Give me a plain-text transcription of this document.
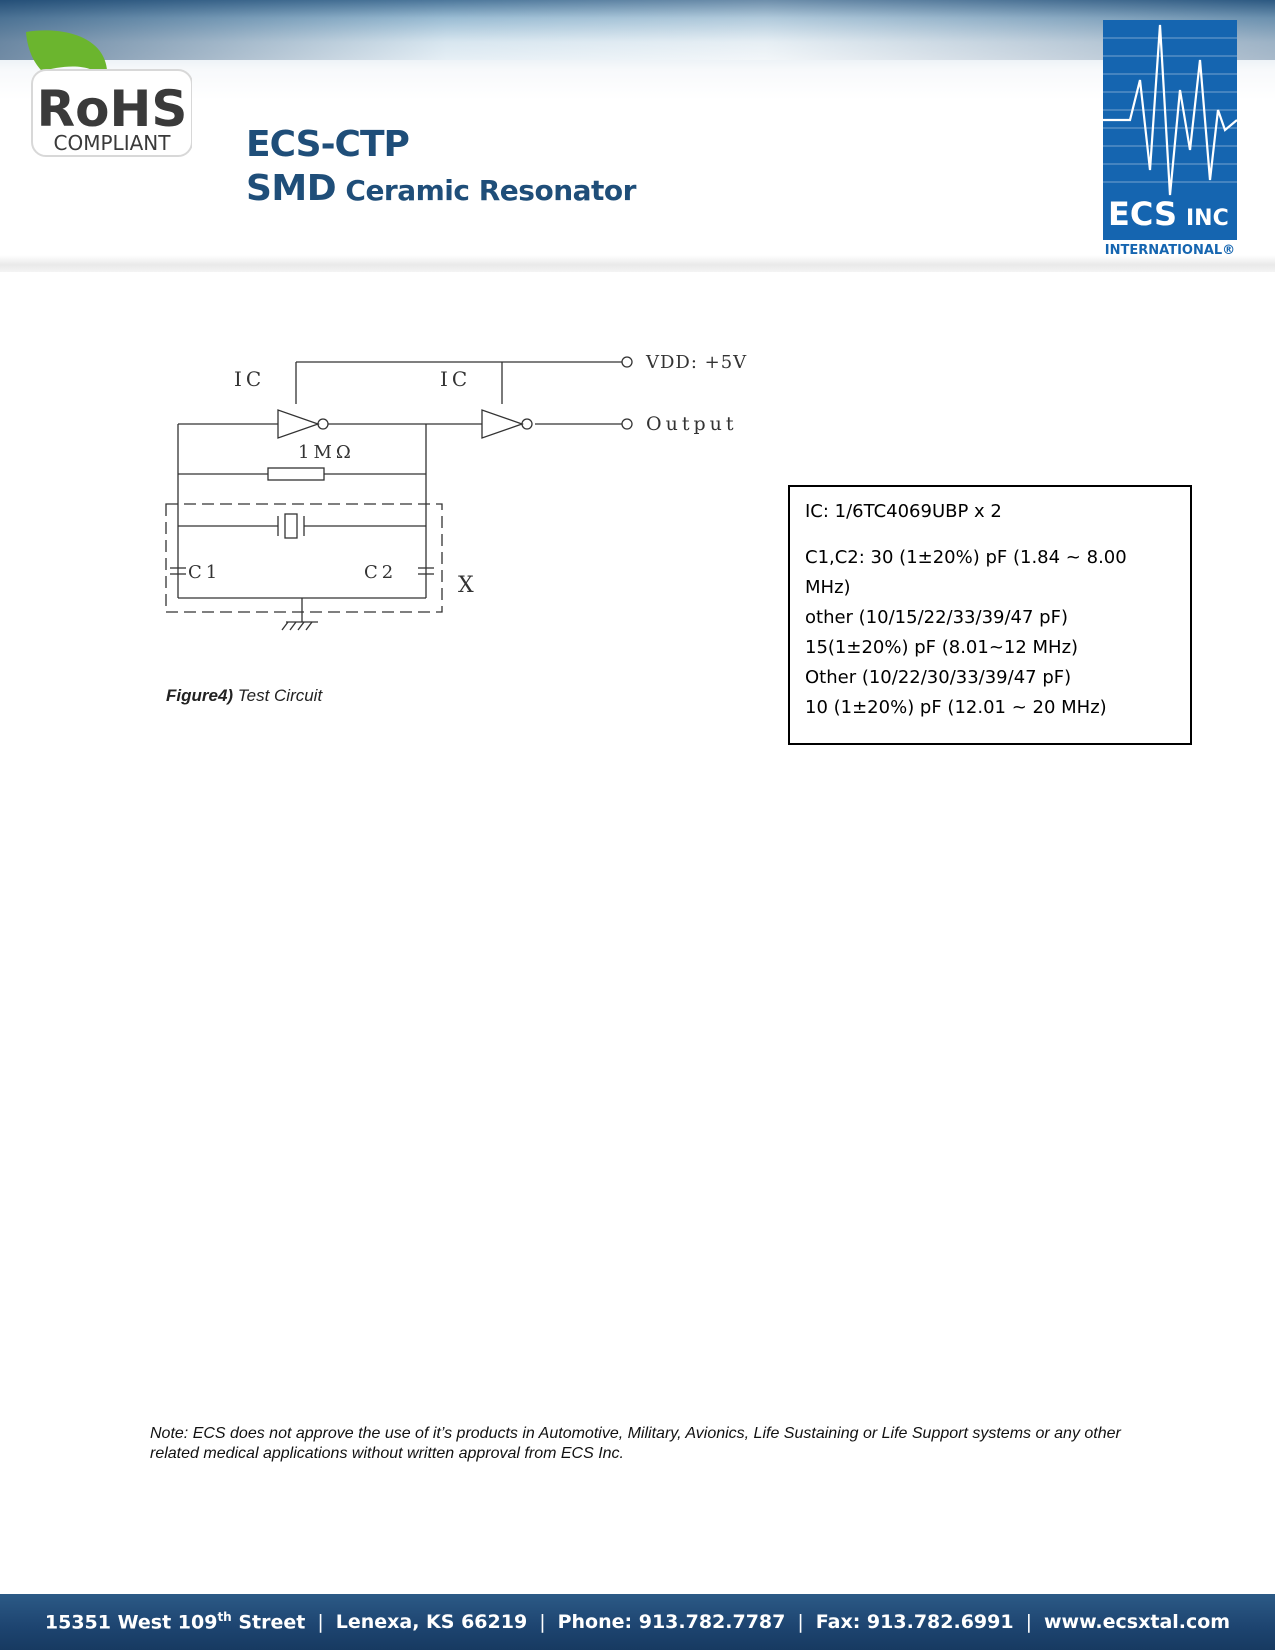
RoHS
COMPLIANT ECS-CTP
SMD Ceramic Resonator
ECS INC
INTERNATIONAL®
IC	IC
1MΩ
C1	C2
X
VDD: +5V
Output
Figure4) Test Circuit
IC: 1/6TC4069UBP x 2
C1,C2: 30 (1±20%) pF (1.84 ~ 8.00 MHz)
other (10/15/22/33/39/47 pF)
15(1±20%) pF (8.01~12 MHz)
Other (10/22/30/33/39/47 pF)
10 (1±20%) pF (12.01 ~ 20 MHz)
Note: ECS does not approve the use of it’s products in Automotive, Military, Avionics, Life Sustaining or Life Support systems or any other related medical applications without written approval from ECS Inc.
15351 West 109th Street | Lenexa, KS 66219 | Phone: 913.782.7787 | Fax: 913.782.6991 | www.ecsxtal.com
